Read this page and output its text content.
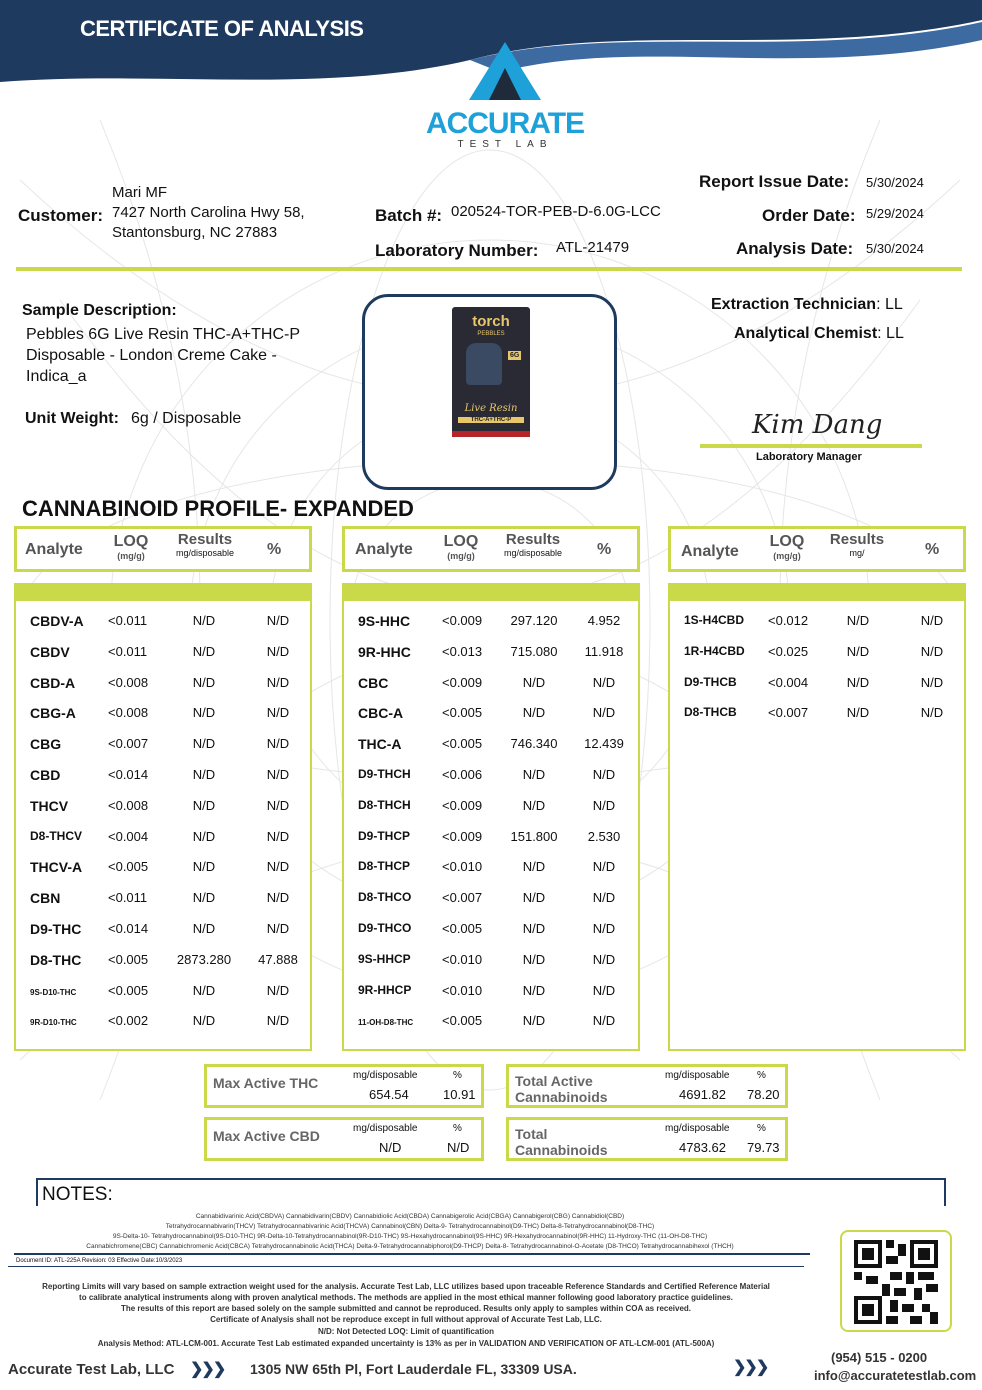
CERTIFICATE OF ANALYSIS
ACCURATE
TEST LAB
Customer:
Mari MF
7427 North Carolina Hwy 58,
Stantonsburg, NC 27883
Batch #: 020524-TOR-PEB-D-6.0G-LCC
Laboratory Number: ATL-21479
Report Issue Date: 5/30/2024
Order Date: 5/29/2024
Analysis Date: 5/30/2024
Sample Description:
Pebbles 6G Live Resin THC-A+THC-P
Disposable - London Creme Cake -
Indica_a
Unit Weight: 6g / Disposable
torch
PEBBLES
6G
Live Resin
THC-A+THC-P
Extraction Technician: LL
Analytical Chemist: LL
Kim Dang
Laboratory Manager
CANNABINOID PROFILE- EXPANDED
Analyte LOQ
(mg/g)
Results
mg/disposable	%
CBDV-A <0.011	N/D	N/D
CBDV	<0.011	N/D	N/D
CBD-A	<0.008	N/D	N/D
CBG-A <0.008	N/D	N/D
CBG	<0.007	N/D	N/D
CBD	<0.014	N/D	N/D
THCV	<0.008	N/D	N/D
D8-THCV <0.004	N/D	N/D
THCV-A <0.005	N/D	N/D
CBN	<0.011	N/D	N/D
D9-THC <0.014	N/D	N/D
D8-THC <0.005	2873.280	47.888
9S-D10-THC <0.005	N/D	N/D
9R-D10-THC <0.002	N/D	N/D
Analyte LOQ
(mg/g)
Results
mg/disposable	%
9S-HHC <0.009	297.120	4.952
9R-HHC <0.013	715.080	11.918
CBC	<0.009	N/D	N/D
CBC-A	<0.005	N/D	N/D
THC-A	<0.005	746.340	12.439
D9-THCH <0.006	N/D	N/D
D8-THCH <0.009	N/D	N/D
D9-THCP <0.009	151.800	2.530
D8-THCP <0.010	N/D	N/D
D8-THCO <0.007	N/D	N/D
D9-THCO <0.005	N/D	N/D
9S-HHCP <0.010	N/D	N/D
9R-HHCP <0.010	N/D	N/D
11-OH-D8-THC <0.005	N/D	N/D
Analyte
LOQ
(mg/g)
Results
mg/	%
1S-H4CBD <0.012	N/D	N/D
1R-H4CBD <0.025	N/D	N/D
D9-THCB <0.004	N/D	N/D
D8-THCB <0.007	N/D	N/D
Max Active THC	mg/disposable	%
654.54	10.91
Max Active CBD	mg/disposable	%
N/D	N/D
Total Active
Cannabinoids
mg/disposable	%
4691.82 78.20
Total
Cannabinoids
mg/disposable	%
4783.62 79.73
NOTES:
Cannabidivarinic Acid(CBDVA) Cannabidivarin(CBDV) Cannabidiolic Acid(CBDA) Cannabigerolic Acid(CBGA) Cannabigerol(CBG) Cannabidiol(CBD)
Tetrahydrocannabivarin(THCV) Tetrahydrocannabivarinic Acid(THCVA) Cannabinol(CBN) Delta-9- Tetrahydrocannabinol(D9-THC) Delta-8-Tetrahydrocannabinol(D8-THC)
9S-Delta-10- Tetrahydrocannabinol(9S-D10-THC) 9R-Delta-10-Tetrahydrocannabinol(9R-D10-THC) 9S-Hexahydrocannabinol(9S-HHC) 9R-Hexahydrocannabinol(9R-HHC) 11-Hydroxy-THC (11-OH-D8-THC)
Cannabichromene(CBC) Cannabichromenic Acid(CBCA) Tetrahydrocannabinolic Acid(THCA) Delta-9-Tetrahydrocannabiphorol(D9-THCP) Delta-8- Tetrahydrocannabinol-O-Acetate (D8-THCO) Tetrahydrocannabihexol (THCH)
Document ID: ATL-225A Revision: 03 Effective Date:10/3/2023
Reporting Limits will vary based on sample extraction weight used for the analysis. Accurate Test Lab, LLC utilizes based upon traceable Reference Standards and Certified Reference Material
to calibrate analytical instruments along with proven analytical methods. The methods are applied in the most ethical manner following good laboratory practice guidelines.
The results of this report are based solely on the sample submitted and cannot be reproduced. Results only apply to samples within COA as received.
Certificate of Analysis shall not be reproduce except in full without approval of Accurate Test Lab, LLC.
N/D: Not Detected LOQ: Limit of quantification
Analysis Method: ATL-LCM-001. Accurate Test Lab estimated expanded uncertainty is 13% as per in VALIDATION AND VERIFICATION OF ATL-LCM-001 (ATL-500A)
Accurate Test Lab, LLC ❯❯❯ 1305 NW 65th Pl, Fort Lauderdale FL, 33309 USA.	❯❯❯
(954) 515 - 0200
info@accuratetestlab.com
